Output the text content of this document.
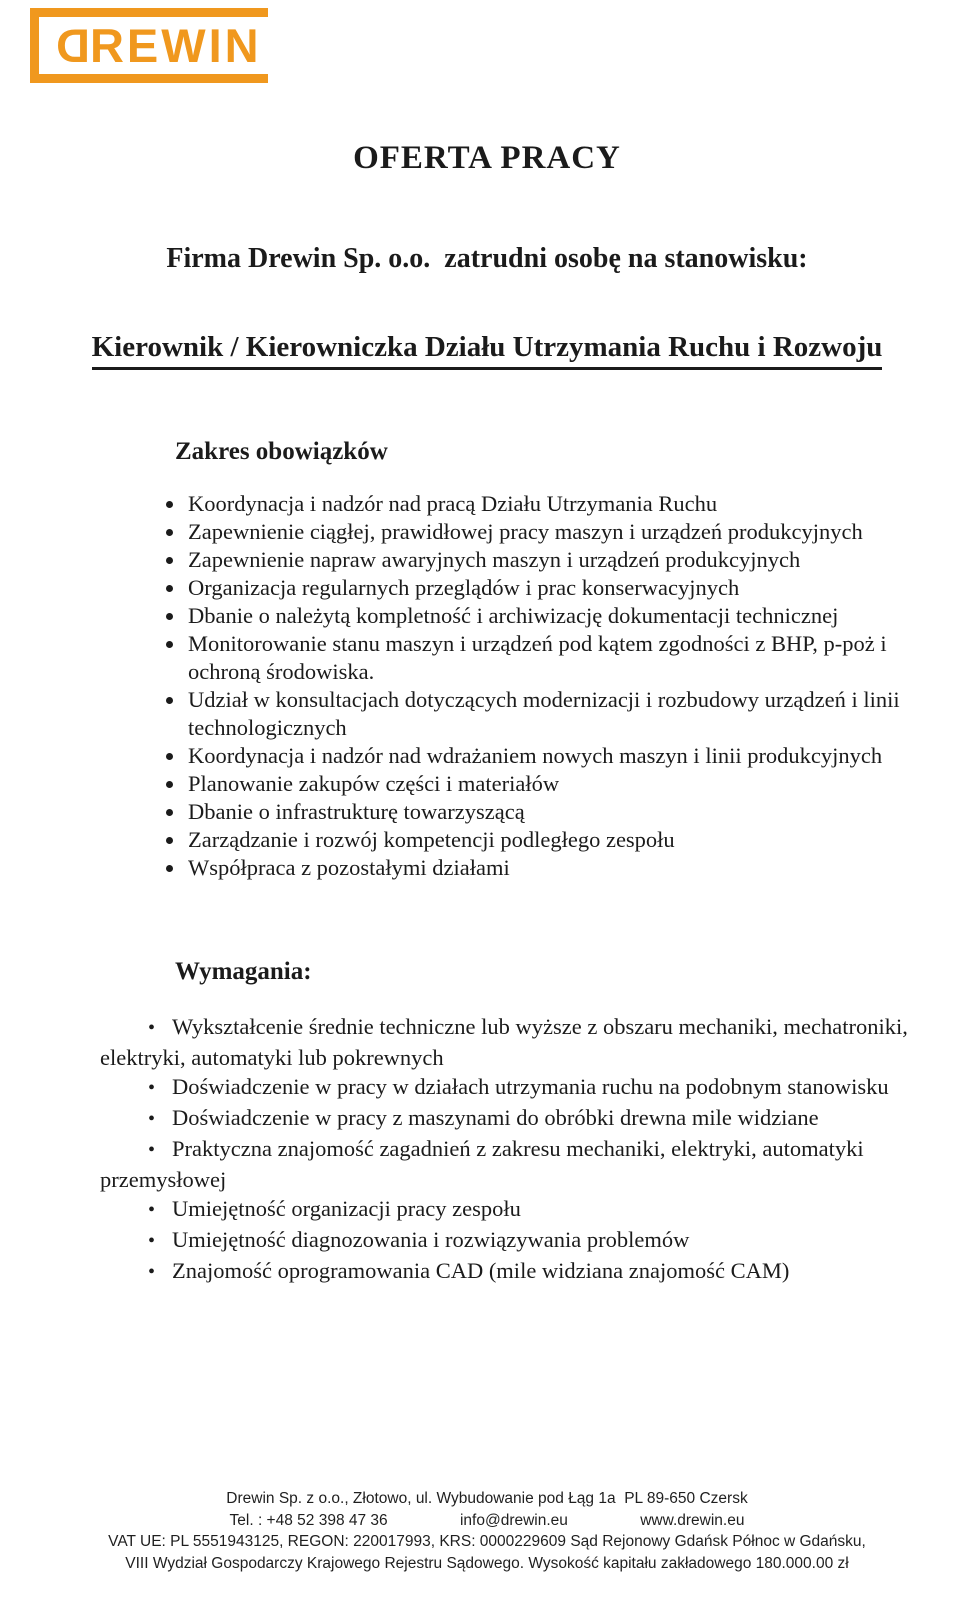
DREWIN
OFERTA PRACY
Firma Drewin Sp. o.o.  zatrudni osobę na stanowisku:
Kierownik / Kierowniczka Działu Utrzymania Ruchu i Rozwoju
Zakres obowiązków
• Koordynacja i nadzór nad pracą Działu Utrzymania Ruchu
• Zapewnienie ciągłej, prawidłowej pracy maszyn i urządzeń produkcyjnych
• Zapewnienie napraw awaryjnych maszyn i urządzeń produkcyjnych
• Organizacja regularnych przeglądów i prac konserwacyjnych
• Dbanie o należytą kompletność i archiwizację dokumentacji technicznej
• Monitorowanie stanu maszyn i urządzeń pod kątem zgodności z BHP, p-poż i ochroną środowiska.
• Udział w konsultacjach dotyczących modernizacji i rozbudowy urządzeń i linii technologicznych
• Koordynacja i nadzór nad wdrażaniem nowych maszyn i linii produkcyjnych
• Planowanie zakupów części i materiałów
• Dbanie o infrastrukturę towarzyszącą
• Zarządzanie i rozwój kompetencji podległego zespołu
• Współpraca z pozostałymi działami
Wymagania:
• Wykształcenie średnie techniczne lub wyższe z obszaru mechaniki, mechatroniki, elektryki, automatyki lub pokrewnych
• Doświadczenie w pracy w działach utrzymania ruchu na podobnym stanowisku
• Doświadczenie w pracy z maszynami do obróbki drewna mile widziane
• Praktyczna znajomość zagadnień z zakresu mechaniki, elektryki, automatyki przemysłowej
• Umiejętność organizacji pracy zespołu
• Umiejętność diagnozowania i rozwiązywania problemów
• Znajomość oprogramowania CAD (mile widziana znajomość CAM)
Drewin Sp. z o.o., Złotowo, ul. Wybudowanie pod Łąg 1a  PL 89-650 Czersk
Tel. : +48 52 398 47 36	info@drewin.eu	www.drewin.eu
VAT UE: PL 5551943125, REGON: 220017993, KRS: 0000229609 Sąd Rejonowy Gdańsk Północ w Gdańsku,
VIII Wydział Gospodarczy Krajowego Rejestru Sądowego. Wysokość kapitału zakładowego 180.000.00 zł
